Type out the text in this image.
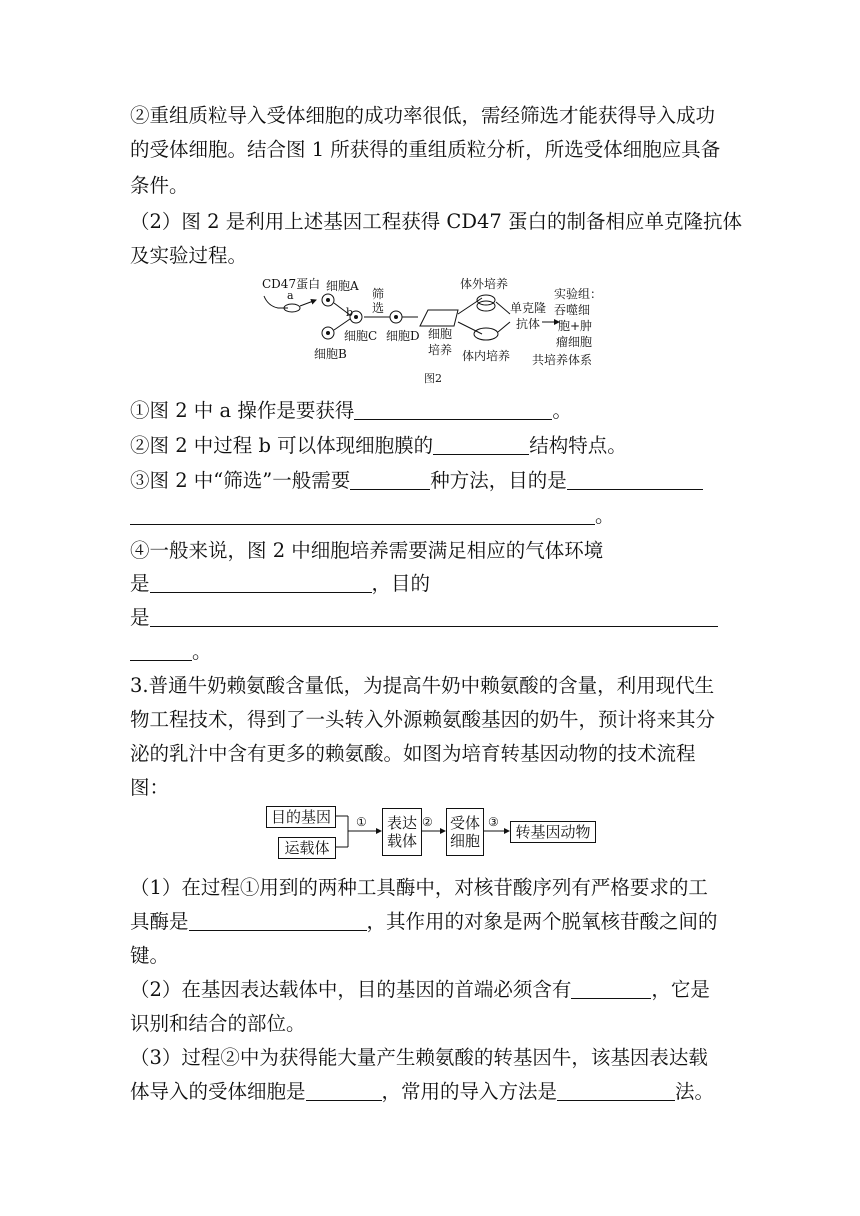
②重组质粒导入受体细胞的成功率很低，需经筛选才能获得导入成功
的受体细胞。结合图 1 所获得的重组质粒分析，所选受体细胞应具备
条件。
（2）图 2 是利用上述基因工程获得 CD47 蛋白的制备相应单克隆抗体
及实验过程。
CD47蛋白
a
细胞A
细胞B
b
细胞C
筛
选
细胞D 细胞
培养
体外培养
体内培养
单克隆
抗体
实验组：
吞噬细
胞+肿
瘤细胞
共培养体系
图2
①图 2 中 a 操作是要获得	。
②图 2 中过程 b 可以体现细胞膜的	结构特点。
③图 2 中“筛选”一般需要	种方法，目的是
。
④一般来说，图 2 中细胞培养需要满足相应的气体环境
是	，目的
是
。
3.普通牛奶赖氨酸含量低，为提高牛奶中赖氨酸的含量，利用现代生
物工程技术，得到了一头转入外源赖氨酸基因的奶牛，预计将来其分
泌的乳汁中含有更多的赖氨酸。如图为培育转基因动物的技术流程
图：
目的基因
运载体
①	②	③
表达
载体
受体
细胞	转基因动物
（1）在过程①用到的两种工具酶中，对核苷酸序列有严格要求的工
具酶是	，其作用的对象是两个脱氧核苷酸之间的
键。
（2）在基因表达载体中，目的基因的首端必须含有	，它是
识别和结合的部位。
（3）过程②中为获得能大量产生赖氨酸的转基因牛，该基因表达载
体导入的受体细胞是	，常用的导入方法是	法。
